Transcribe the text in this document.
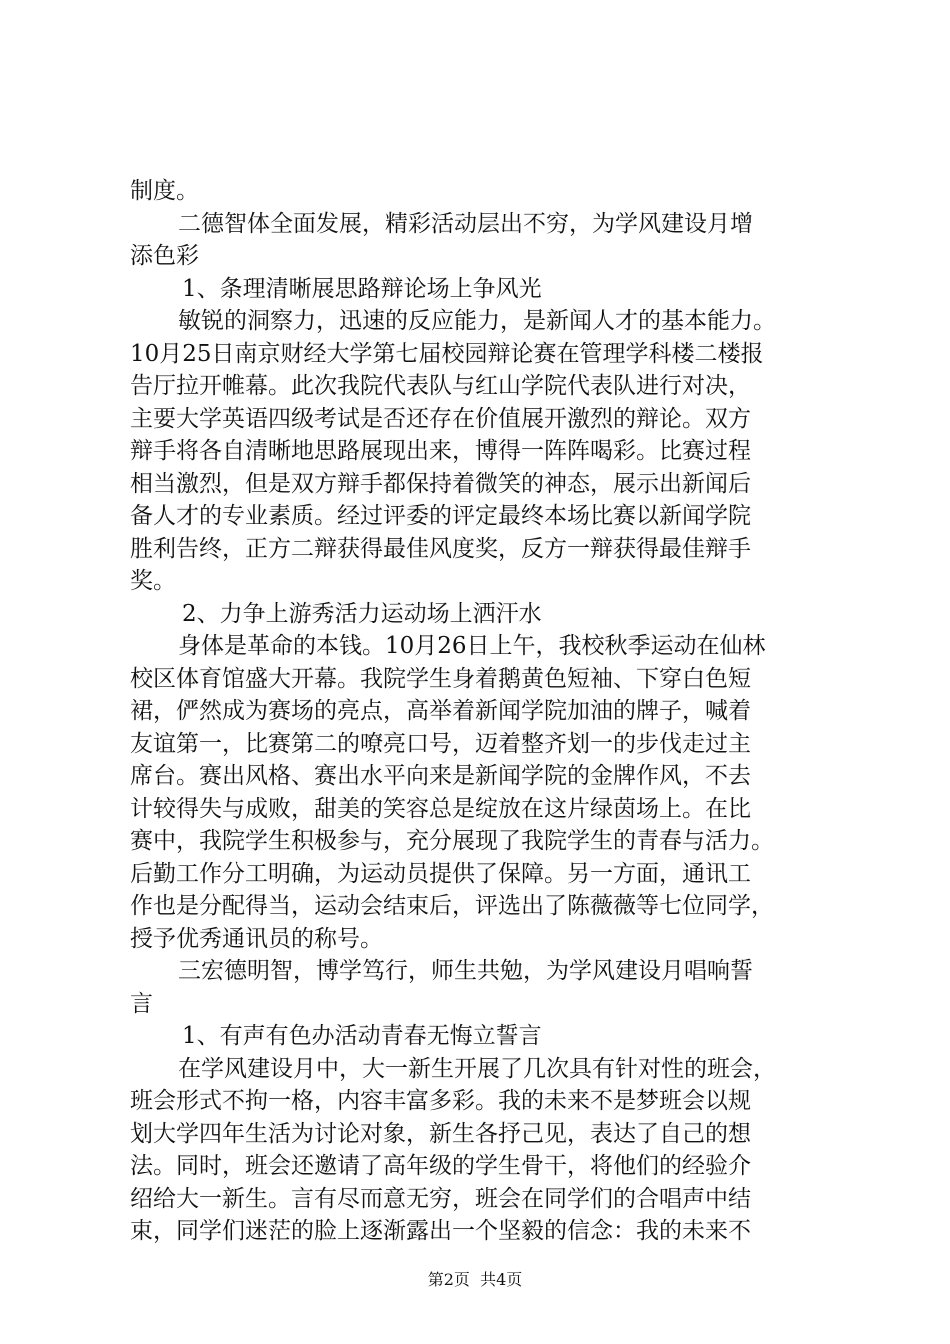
制度。
二德智体全面发展，精彩活动层出不穷，为学风建设月增
添色彩
1、条理清晰展思路辩论场上争风光
敏锐的洞察力，迅速的反应能力，是新闻人才的基本能力。
10月25日南京财经大学第七届校园辩论赛在管理学科楼二楼报
告厅拉开帷幕。此次我院代表队与红山学院代表队进行对决，
主要大学英语四级考试是否还存在价值展开激烈的辩论。双方
辩手将各自清晰地思路展现出来，博得一阵阵喝彩。比赛过程
相当激烈，但是双方辩手都保持着微笑的神态，展示出新闻后
备人才的专业素质。经过评委的评定最终本场比赛以新闻学院
胜利告终，正方二辩获得最佳风度奖，反方一辩获得最佳辩手
奖。
2、力争上游秀活力运动场上洒汗水
身体是革命的本钱。10月26日上午，我校秋季运动在仙林
校区体育馆盛大开幕。我院学生身着鹅黄色短袖、下穿白色短
裙，俨然成为赛场的亮点，高举着新闻学院加油的牌子，喊着
友谊第一，比赛第二的嘹亮口号，迈着整齐划一的步伐走过主
席台。赛出风格、赛出水平向来是新闻学院的金牌作风，不去
计较得失与成败，甜美的笑容总是绽放在这片绿茵场上。在比
赛中，我院学生积极参与，充分展现了我院学生的青春与活力。
后勤工作分工明确，为运动员提供了保障。另一方面，通讯工
作也是分配得当，运动会结束后，评选出了陈薇薇等七位同学，
授予优秀通讯员的称号。
三宏德明智，博学笃行，师生共勉，为学风建设月唱响誓
言
1、有声有色办活动青春无悔立誓言
在学风建设月中，大一新生开展了几次具有针对性的班会，
班会形式不拘一格，内容丰富多彩。我的未来不是梦班会以规
划大学四年生活为讨论对象，新生各抒己见，表达了自己的想
法。同时，班会还邀请了高年级的学生骨干，将他们的经验介
绍给大一新生。言有尽而意无穷，班会在同学们的合唱声中结
束，同学们迷茫的脸上逐渐露出一个坚毅的信念：我的未来不
第2页  共4页
